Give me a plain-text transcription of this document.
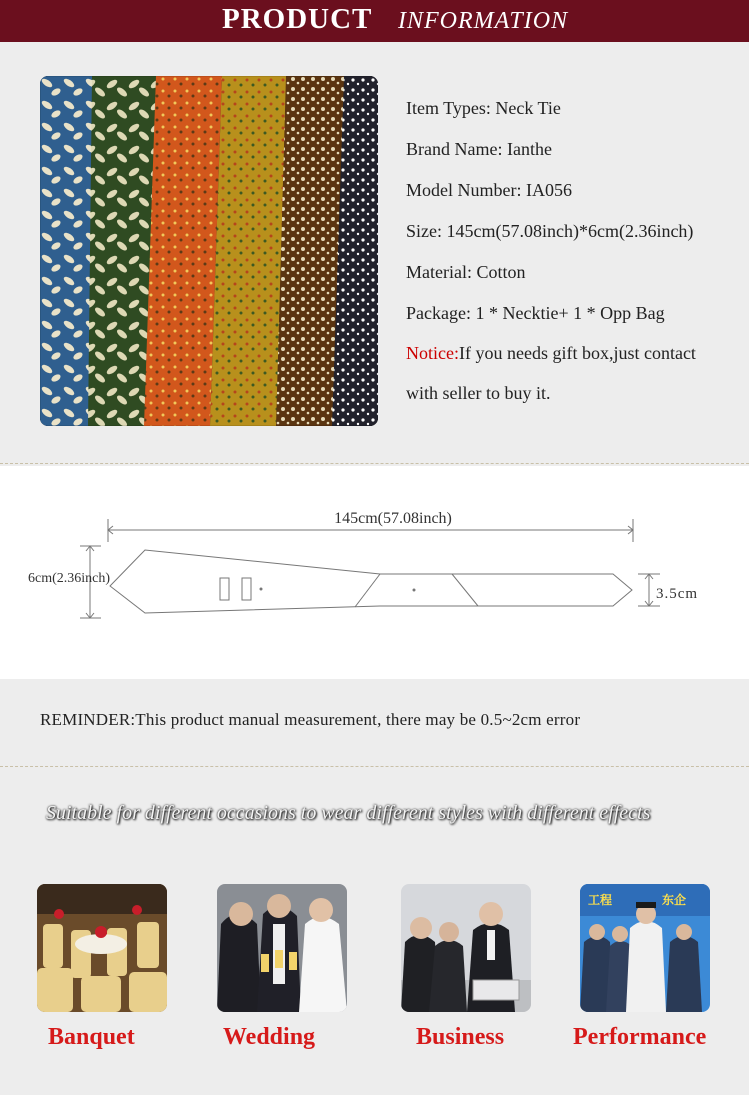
PRODUCT INFORMATION
Item Types: Neck Tie
Brand Name: Ianthe
Model Number: IA056
Size: 145cm(57.08inch)*6cm(2.36inch)
Material: Cotton
Package: 1 * Necktie+ 1 * Opp Bag
Notice:If you needs gift box,just contact
with seller to buy it.
145cm(57.08inch)
6cm(2.36inch)
3.5cm
REMINDER:This product manual measurement, there may be 0.5~2cm error
Suitable for different occasions to wear different styles with different effects
工程	东企
Banquet	Wedding	Business	Performance
